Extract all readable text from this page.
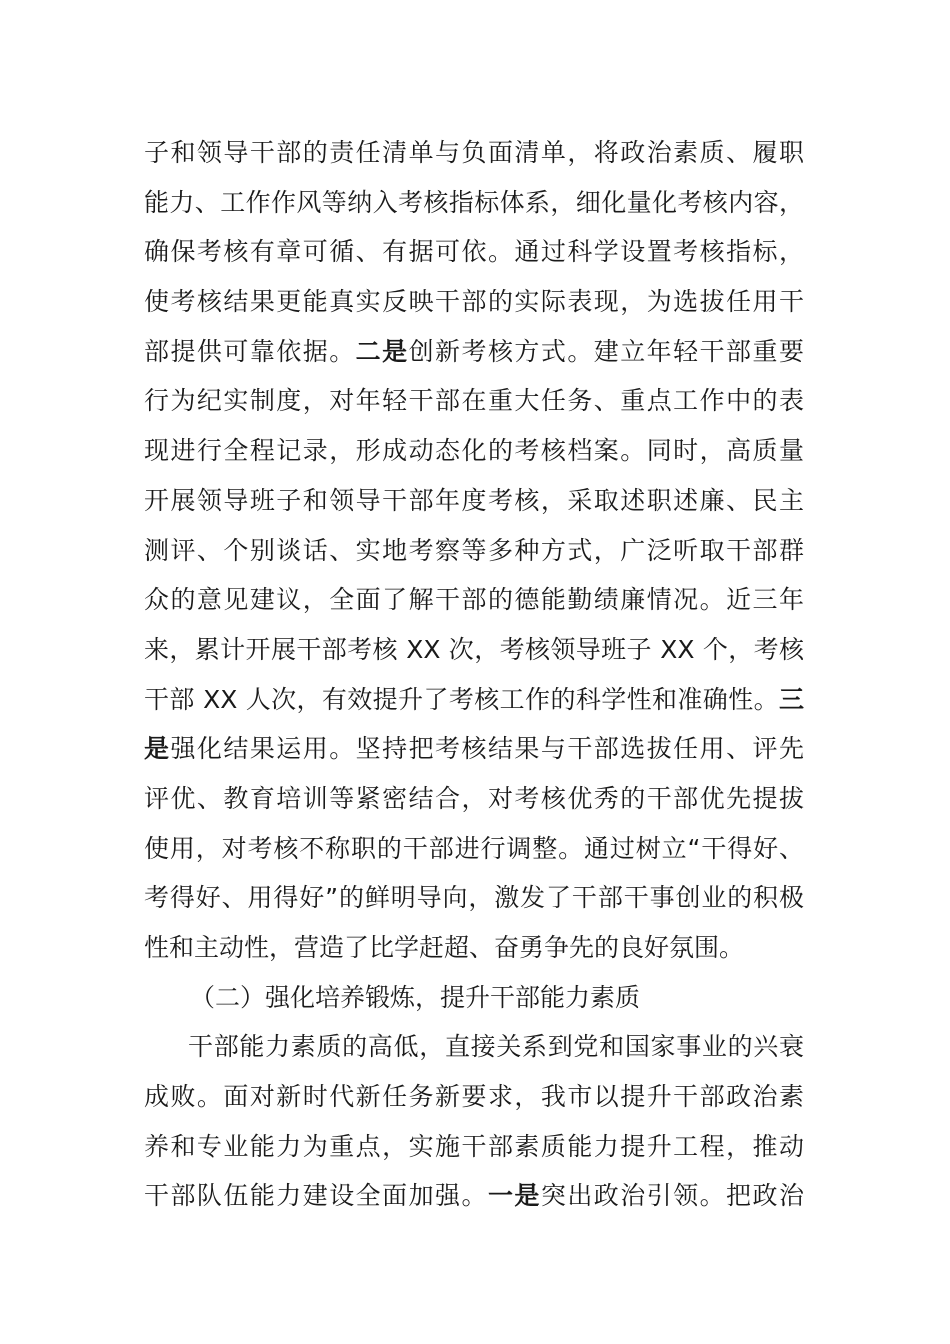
子和领导干部的责任清单与负面清单，将政治素质、履职
能力、工作作风等纳入考核指标体系，细化量化考核内容，
确保考核有章可循、有据可依。通过科学设置考核指标，
使考核结果更能真实反映干部的实际表现，为选拔任用干
部提供可靠依据。二是创新考核方式。建立年轻干部重要
行为纪实制度，对年轻干部在重大任务、重点工作中的表
现进行全程记录，形成动态化的考核档案。同时，高质量
开展领导班子和领导干部年度考核，采取述职述廉、民主
测评、个别谈话、实地考察等多种方式，广泛听取干部群
众的意见建议，全面了解干部的德能勤绩廉情况。近三年
来，累计开展干部考核 XX 次，考核领导班子 XX 个，考核
干部 XX 人次，有效提升了考核工作的科学性和准确性。三
是强化结果运用。坚持把考核结果与干部选拔任用、评先
评优、教育培训等紧密结合，对考核优秀的干部优先提拔
使用，对考核不称职的干部进行调整。通过树立“干得好、
考得好、用得好”的鲜明导向，激发了干部干事创业的积极
性和主动性，营造了比学赶超、奋勇争先的良好氛围。
（二）强化培养锻炼，提升干部能力素质
干部能力素质的高低，直接关系到党和国家事业的兴衰
成败。面对新时代新任务新要求，我市以提升干部政治素
养和专业能力为重点，实施干部素质能力提升工程，推动
干部队伍能力建设全面加强。一是突出政治引领。把政治
